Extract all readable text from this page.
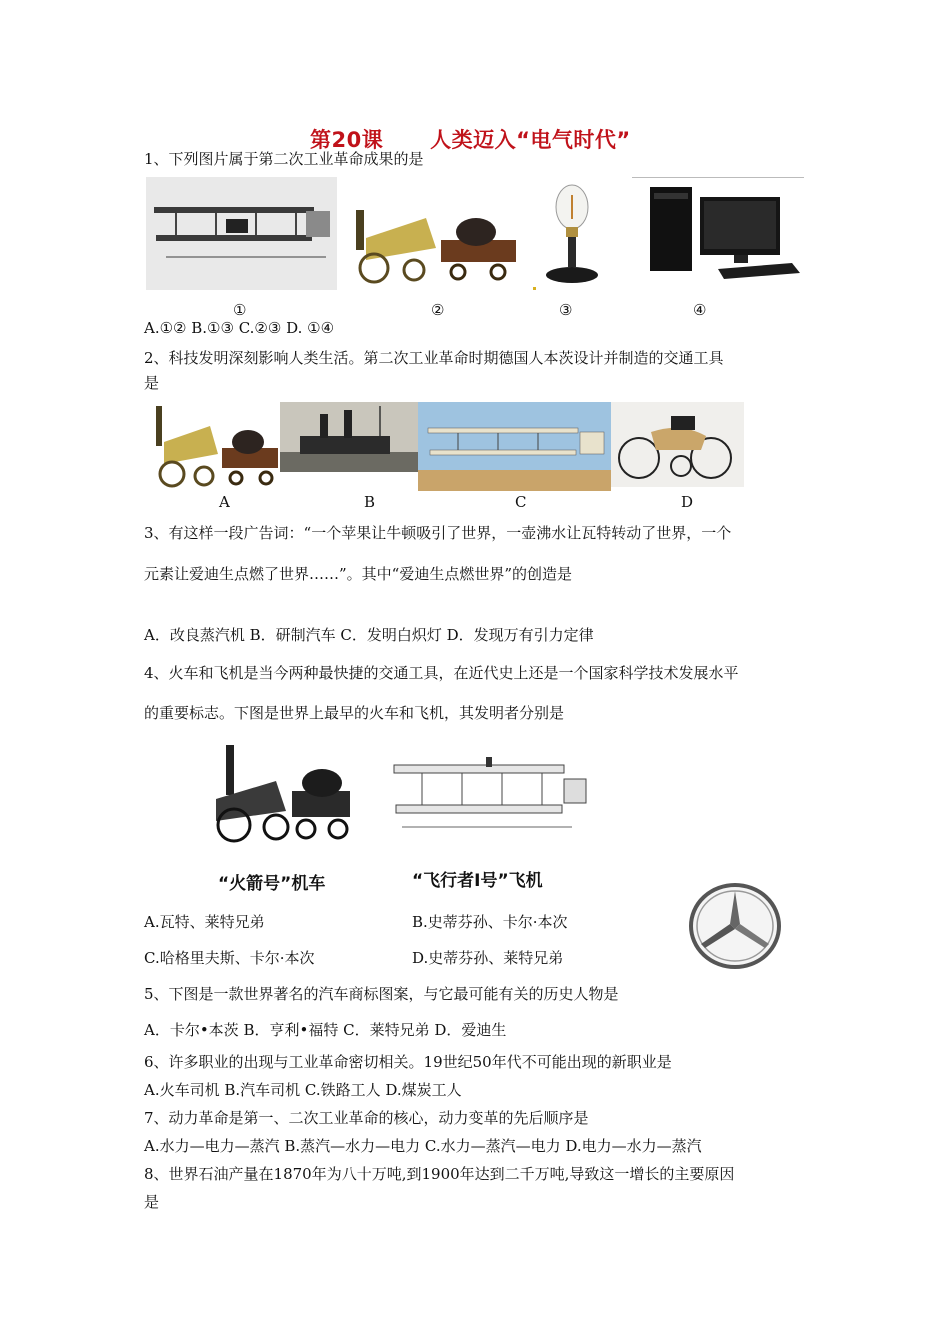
第20课      人类迈入“电气时代”
1、下列图片属于第二次工业革命成果的是
①	②	③	④
A.①② B.①③ C.②③ D. ①④
2、科技发明深刻影响人类生活。第二次工业革命时期德国人本茨设计并制造的交通工具
是
A	B	C	D
3、有这样一段广告词：“一个苹果让牛顿吸引了世界，一壶沸水让瓦特转动了世界，一个
元素让爱迪生点燃了世界……”。其中“爱迪生点燃世界”的创造是
A．改良蒸汽机 B．研制汽车 C．发明白炽灯 D．发现万有引力定律
4、火车和飞机是当今两种最快捷的交通工具，在近代史上还是一个国家科学技术发展水平
的重要标志。下图是世界上最早的火车和飞机，其发明者分别是
“火箭号”机车	“飞行者Ⅰ号”飞机
A.瓦特、莱特兄弟	B.史蒂芬孙、卡尔·本次
C.哈格里夫斯、卡尔·本次	D.史蒂芬孙、莱特兄弟
5、下图是一款世界著名的汽车商标图案，与它最可能有关的历史人物是
A．卡尔•本茨 B．亨利•福特 C．莱特兄弟 D．爱迪生
6、许多职业的出现与工业革命密切相关。19世纪50年代不可能出现的新职业是
A.火车司机 B.汽车司机 C.铁路工人 D.煤炭工人
7、动力革命是第一、二次工业革命的核心，动力变革的先后顺序是
A.水力—电力—蒸汽 B.蒸汽—水力—电力 C.水力—蒸汽—电力 D.电力—水力—蒸汽
8、世界石油产量在1870年为八十万吨,到1900年达到二千万吨,导致这一增长的主要原因
是
